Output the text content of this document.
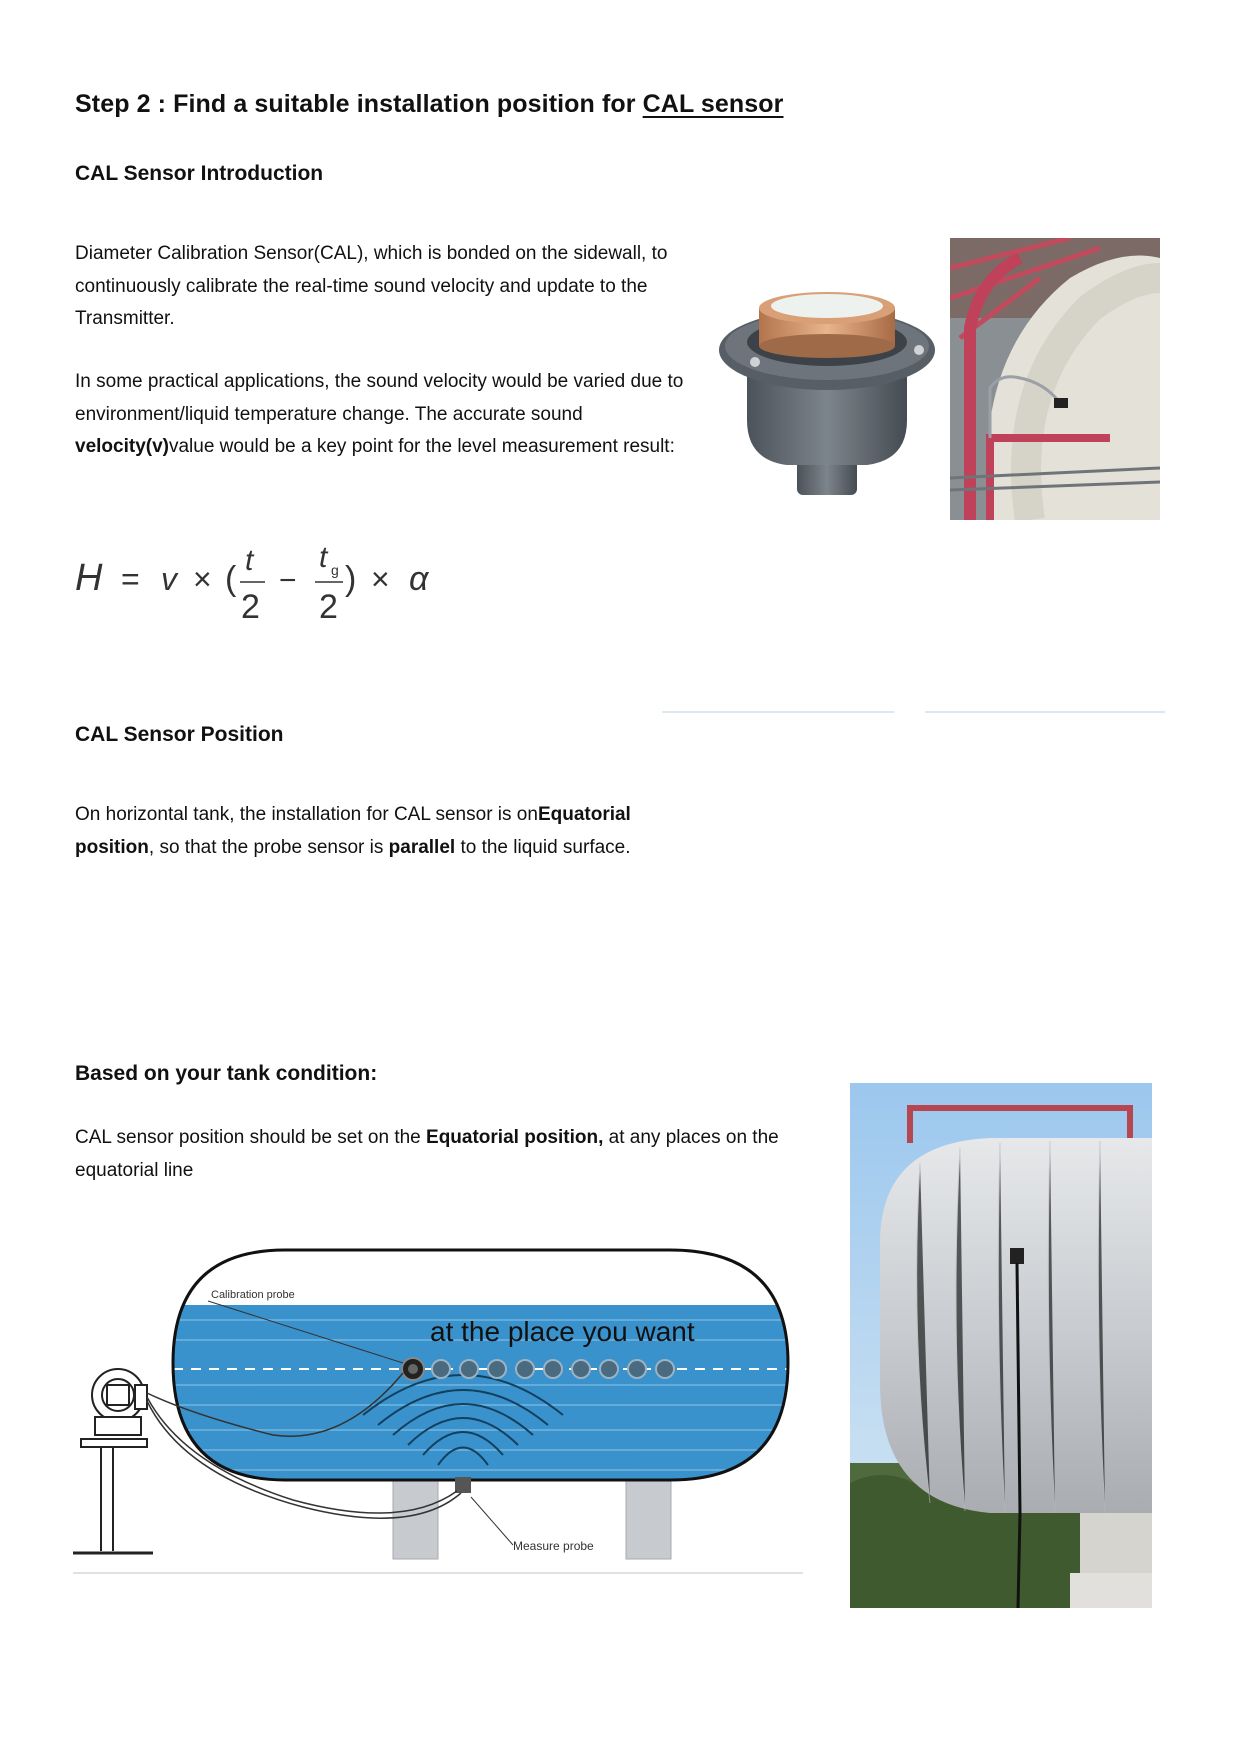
Step 2 : Find a suitable installation position for CAL sensor
CAL Sensor Introduction
Diameter Calibration Sensor(CAL), which is bonded on the sidewall, to continuously calibrate the real-time sound velocity and update to the Transmitter.
In some practical applications, the sound velocity would be varied due to environment/liquid temperature change. The accurate sound velocity(v)value would be a key point for the level measurement result:
H = v × ( t
2
−
t g
2
) × α
CAL Sensor Position
On horizontal tank, the installation for CAL sensor is onEquatorial position, so that the probe sensor is parallel to the liquid surface.
Based on your tank condition:
CAL sensor position should be set on the Equatorial position, at any places on the equatorial line
Calibration probe
at the place you want
Measure probe
